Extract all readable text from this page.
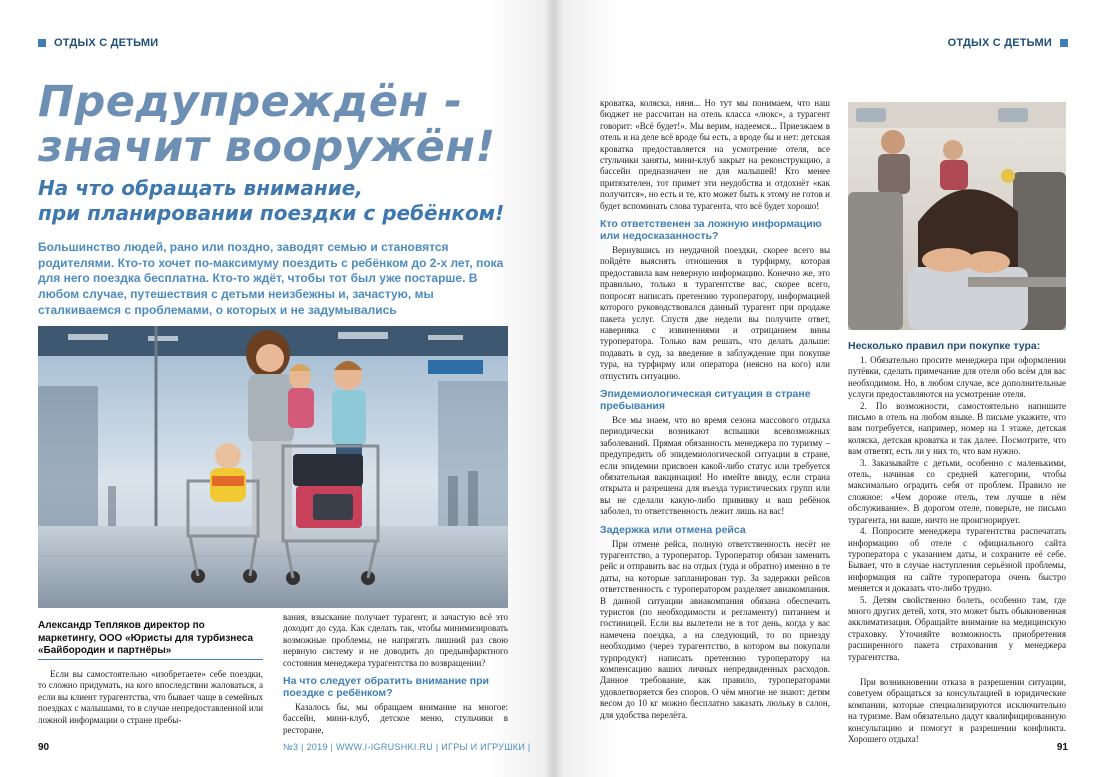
ОТДЫХ С ДЕТЬМИ
Предупреждён -
значит вооружён!
На что обращать внимание,
при планировании поездки с ребёнком!
Большинство людей, рано или поздно, заводят семью и становятся родителями. Кто-то хочет по-максимуму поездить с ребёнком до 2-х лет, пока для него поездка бесплатна. Кто-то ждёт, чтобы тот был уже постарше. В любом случае, путешествия с детьми неизбежны и, зачастую, мы сталкиваемся с проблемами, о которых и не задумывались
Александр Тепляков директор по маркетингу, ООО «Юристы для турбизнеса «Байбородин и партнёры»

Если вы самостоятельно «изобретаете» себе поездки, то сложно придумать, на кого впоследствии жаловаться, а если вы клиент турагентства, что бывает чаще в семейных поездках с малышами, то в случае непредоставленной или ложной информации о стране пребы-

вания, взыскание получает турагент, и зачастую всё это доходит до суда. Как сделать так, чтобы минимизировать возможные проблемы, не напрягать лишний раз свою нервную систему и не доводить до предынфарктного состояния менеджера турагентства по возвращении?

На что следует обратить внимание при поездке с ребёнком?

Казалось бы, мы обращаем внимание на многое: бассейн, мини-клуб, детское меню, стульчики в ресторане,

90	№3 | 2019 | WWW.I-IGRUSHKI.RU | ИГРЫ И ИГРУШКИ |
ОТДЫХ С ДЕТЬМИ

кроватка, коляска, няня... Но тут мы понимаем, что наш бюджет не рассчитан на отель класса «люкс», а турагент говорит: «Всё будет!». Мы верим, надеемся... Приезжаем в отель и на деле всё вроде бы есть, а вроде бы и нет: детская кроватка предоставляется на усмотрение отеля, все стульчики заняты, мини-клуб закрыт на реконструкцию, а бассейн предназначен не для малышей! Кто менее притязателен, тот примет эти неудобства и отдохнёт «как получится», но есть и те, кто может быть к этому не готов и будет вспоминать слова турагента, что всё будет хорошо!

Кто ответственен за ложную информацию или недосказанность?

Вернувшись из неудачной поездки, скорее всего вы пойдёте выяснять отношения в турфирму, которая предоставила вам неверную информацию. Конечно же, это правильно, только в турагентстве вас, скорее всего, попросят написать претензию туроператору, информацией которого руководствовался данный турагент при продаже пакета услуг. Спустя две недели вы получите ответ, наверняка с извинениями и отрицанием вины туроператора. Только вам решать, что делать дальше: подавать в суд, за введение в заблуждение при покупке тура, на турфирму или оператора (неясно на кого) или отпустить ситуацию.

Эпидемиологическая ситуация в стране пребывания

Все мы знаем, что во время сезона массового отдыха периодически возникают вспышки всевозможных заболеваний. Прямая обязанность менеджера по туризму – предупредить об эпидемиологической ситуации в стране, если эпидемии присвоен какой-либо статус или требуется обязательная вакцинация! Но имейте ввиду, если страна открыта и разрешена для въезда туристических групп или вы не сделали какую-либо прививку и ваш ребёнок заболел, то ответственность лежит лишь на вас!

Задержка или отмена рейса

При отмене рейса, полную ответственность несёт не турагентство, а туроператор. Туроператор обязан заменить рейс и отправить вас на отдых (туда и обратно) именно в те даты, на которые запланирован тур. За задержки рейсов ответственность с туроператором разделяет авиакомпания. В данной ситуации авиакомпания обязана обеспечить туристов (по необходимости и регламенту) питанием и гостиницей. Если вы вылетели не в тот день, когда у вас намечена поездка, а на следующий, то по приезду необходимо (через турагентство, в котором вы покупали турпродукт) написать претензию туроператору на компенсацию ваших личных непредвиденных расходов. Данное требование, как правило, туроператорами удовлетворяется без споров. О чём многие не знают: детям весом до 10 кг можно бесплатно заказать люльку в салон, для удобства перелёта.

Несколько правил при покупке тура:
1. Обязательно просите менеджера при оформлении путёвки, сделать примечание для отеля обо всём для вас необходимом. Но, в любом случае, все дополнительные услуги предоставляются на усмотрение отеля.
2. По возможности, самостоятельно напишите письмо в отель на любом языке. В письме укажите, что вам потребуется, например, номер на 1 этаже, детская коляска, детская кроватка и так далее. Посмотрите, что вам ответят, есть ли у них то, что вам нужно.
3. Заказывайте с детьми, особенно с маленькими, отель, начиная со средней категории, чтобы максимально оградить себя от проблем. Правило не сложное: «Чем дороже отель, тем лучше в нём обслуживание». В дорогом отеле, поверьте, не письмо турагента, ни ваше, ничто не проигнорирует.
4. Попросите менеджера турагентства распечатать информацию об отеле с официального сайта туроператора с указанием даты, и сохраните её себе. Бывает, что в случае наступления серьёзной проблемы, информация на сайте туроператора очень быстро меняется и доказать что-либо трудно.
5. Детям свойственно болеть, особенно там, где много других детей, хотя, это может быть обыкновенная акклиматизация. Обращайте внимание на медицинскую страховку. Уточняйте возможность приобретения расширенного пакета страхования у менеджера турагентства.

При возникновении отказа в разрешении ситуации, советуем обращаться за консультацией в юридические компании, которые специализируются исключительно на туризме. Вам обязательно дадут квалифицированную консультацию и помогут в разрешении конфликта. Хорошего отдыха!

91
